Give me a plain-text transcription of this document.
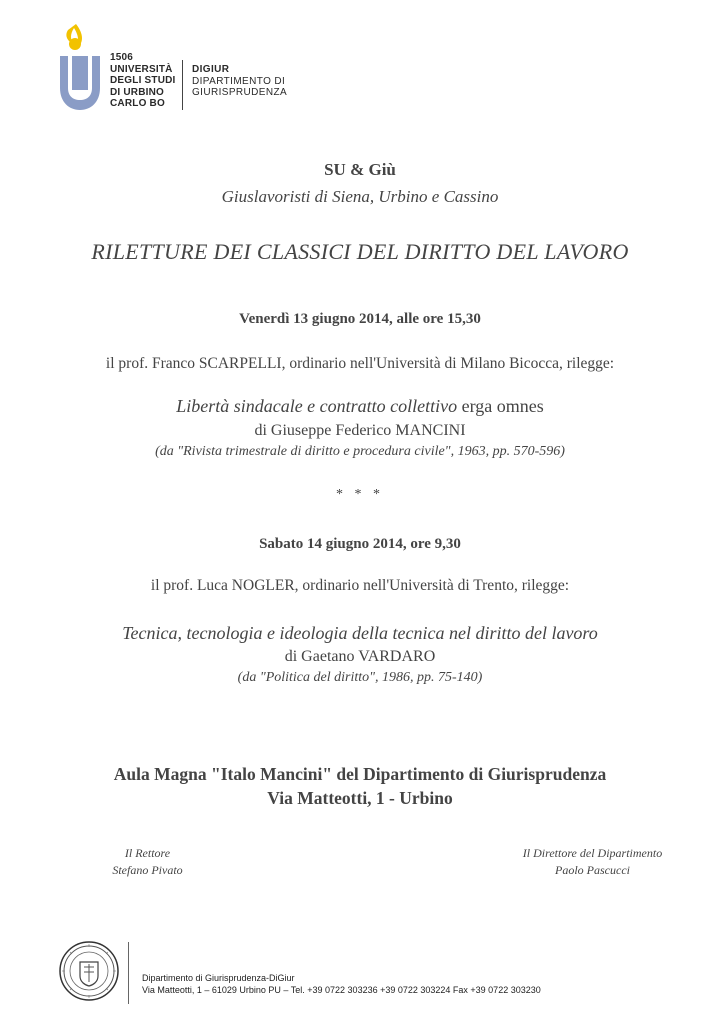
1506
UNIVERSITÀ
DEGLI STUDI
DI URBINO
CARLO BO
DIGIUR
DIPARTIMENTO DI
GIURISPRUDENZA
SU & Giù
Giuslavoristi di Siena, Urbino e Cassino
RILETTURE DEI CLASSICI DEL DIRITTO DEL LAVORO
Venerdì 13 giugno 2014, alle ore 15,30
il prof. Franco SCARPELLI, ordinario nell'Università di Milano Bicocca, rilegge:
Libertà sindacale e contratto collettivo erga omnes
di Giuseppe Federico MANCINI
(da "Rivista trimestrale di diritto e procedura civile", 1963, pp. 570-596)
* * *
Sabato 14 giugno 2014, ore 9,30
il prof. Luca NOGLER, ordinario nell'Università di Trento, rilegge:
Tecnica, tecnologia e ideologia della tecnica nel diritto del lavoro
di Gaetano VARDARO
(da "Politica del diritto", 1986, pp. 75-140)
Aula Magna "Italo Mancini" del Dipartimento di Giurisprudenza
Via Matteotti, 1 - Urbino
Il Rettore
Stefano Pivato
Il Direttore del Dipartimento
Paolo Pascucci
Dipartimento di Giurisprudenza-DiGiur
Via Matteotti, 1 – 61029 Urbino PU – Tel. +39 0722 303236 +39 0722 303224 Fax +39 0722 303230
